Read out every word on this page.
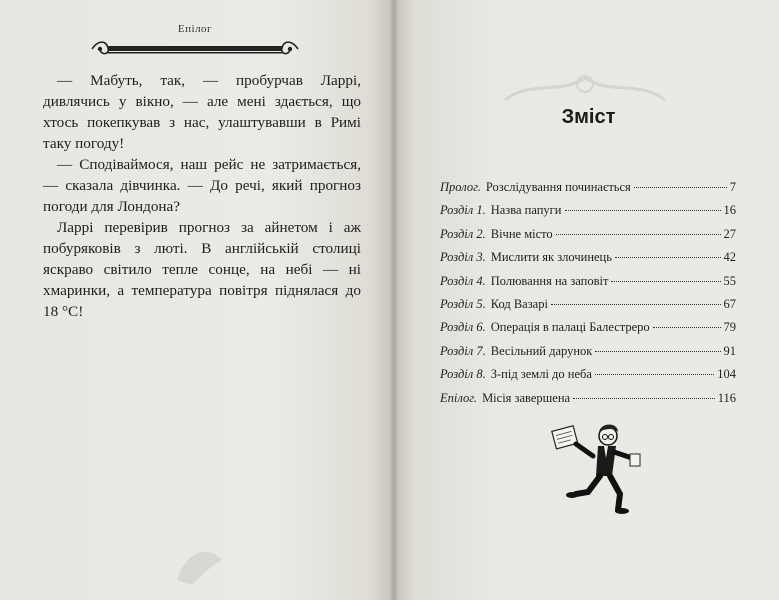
Епілог

— Мабуть, так, — пробурчав Ларрі, дивлячись у вікно, — але мені здається, що хтось покепкував з нас, улаштувавши в Римі таку погоду!

— Сподіваймося, наш рейс не затримається, — сказала дівчинка. — До речі, який прогноз погоди для Лондона?

Ларрі перевірив прогноз за айнетом і аж побуряковів з люті. В англійській столиці яскраво світило тепле сонце, на небі — ні хмаринки, а температура повітря піднялася до 18 °С!

Зміст
Пролог. Розслідування починається	7
Розділ 1. Назва папуги	16
Розділ 2. Вічне місто	27
Розділ 3. Мислити як злочинець	42
Розділ 4. Полювання на заповіт	55
Розділ 5. Код Вазарі	67
Розділ 6. Операція в палаці Балестреро	79
Розділ 7. Весільний дарунок	91
Розділ 8. З-під землі до неба	104
Епілог. Місія завершена	116
